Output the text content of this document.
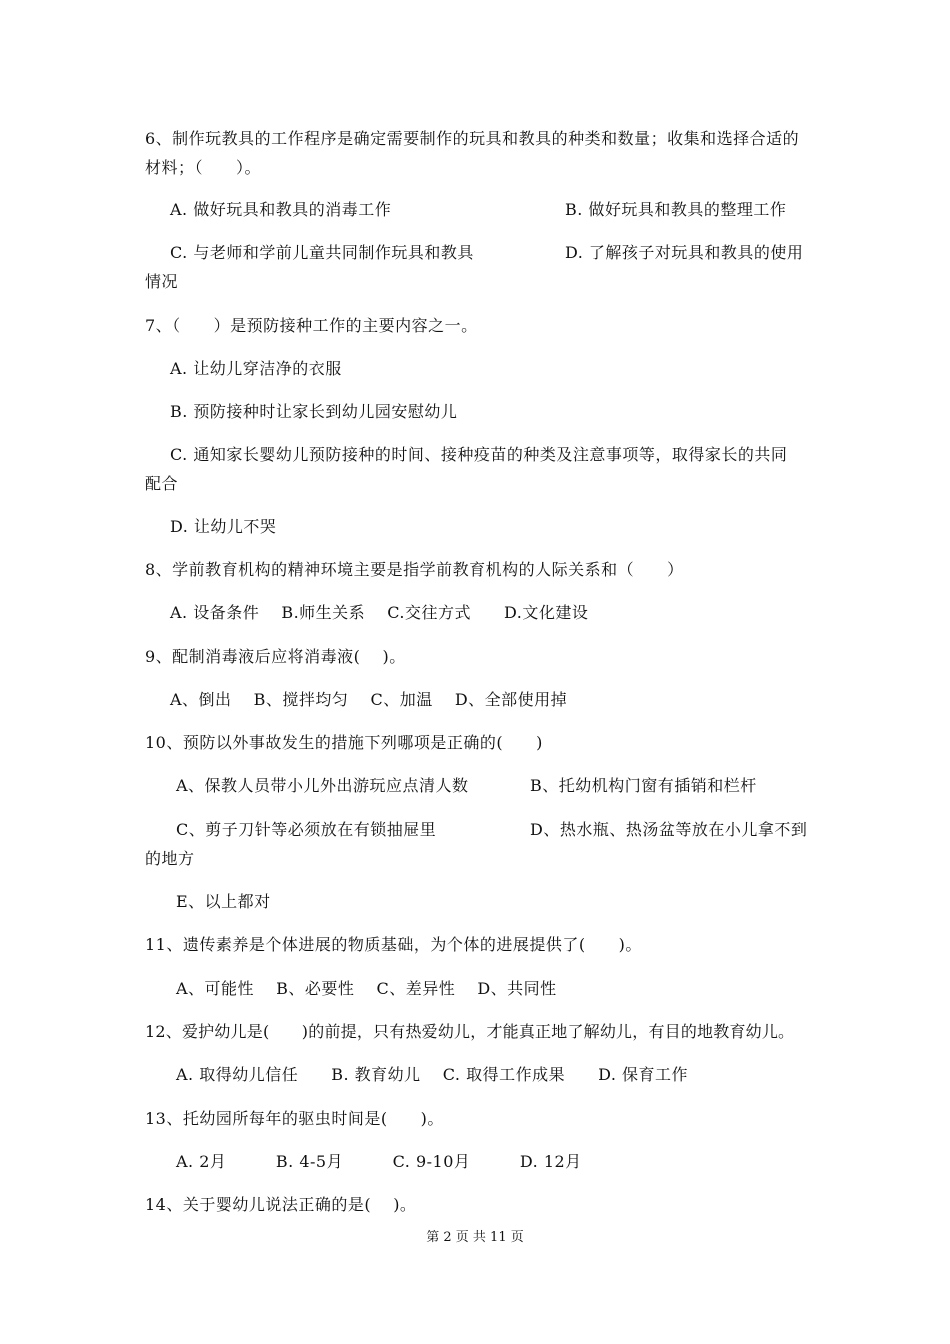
6、制作玩教具的工作程序是确定需要制作的玩具和教具的种类和数量；收集和选择合适的
材料；（　　）。
A. 做好玩具和教具的消毒工作	B. 做好玩具和教具的整理工作
C. 与老师和学前儿童共同制作玩具和教具	D. 了解孩子对玩具和教具的使用
情况
7、（　　）是预防接种工作的主要内容之一。
A. 让幼儿穿洁净的衣服
B. 预防接种时让家长到幼儿园安慰幼儿
C. 通知家长婴幼儿预防接种的时间、接种疫苗的种类及注意事项等，取得家长的共同
配合
D. 让幼儿不哭
8、学前教育机构的精神环境主要是指学前教育机构的人际关系和（　　）
A. 设备条件　 B.师生关系　 C.交往方式　　D.文化建设
9、配制消毒液后应将消毒液(　 )。
A、倒出　 B、搅拌均匀　 C、加温　 D、全部使用掉
10、预防以外事故发生的措施下列哪项是正确的(　　)
A、保教人员带小儿外出游玩应点清人数	B、托幼机构门窗有插销和栏杆
C、剪子刀针等必须放在有锁抽屉里	D、热水瓶、热汤盆等放在小儿拿不到
的地方
E、以上都对
11、遗传素养是个体进展的物质基础，为个体的进展提供了(　　)。
A、可能性　 B、必要性　 C、差异性　 D、共同性
12、爱护幼儿是(　　)的前提，只有热爱幼儿，才能真正地了解幼儿，有目的地教育幼儿。
A. 取得幼儿信任　　B. 教育幼儿　 C. 取得工作成果　　D. 保育工作
13、托幼园所每年的驱虫时间是(　　)。
A. 2月　　　B. 4-5月　　　C. 9-10月　　　D. 12月
14、关于婴幼儿说法正确的是(　 )。
第 2 页 共 11 页
